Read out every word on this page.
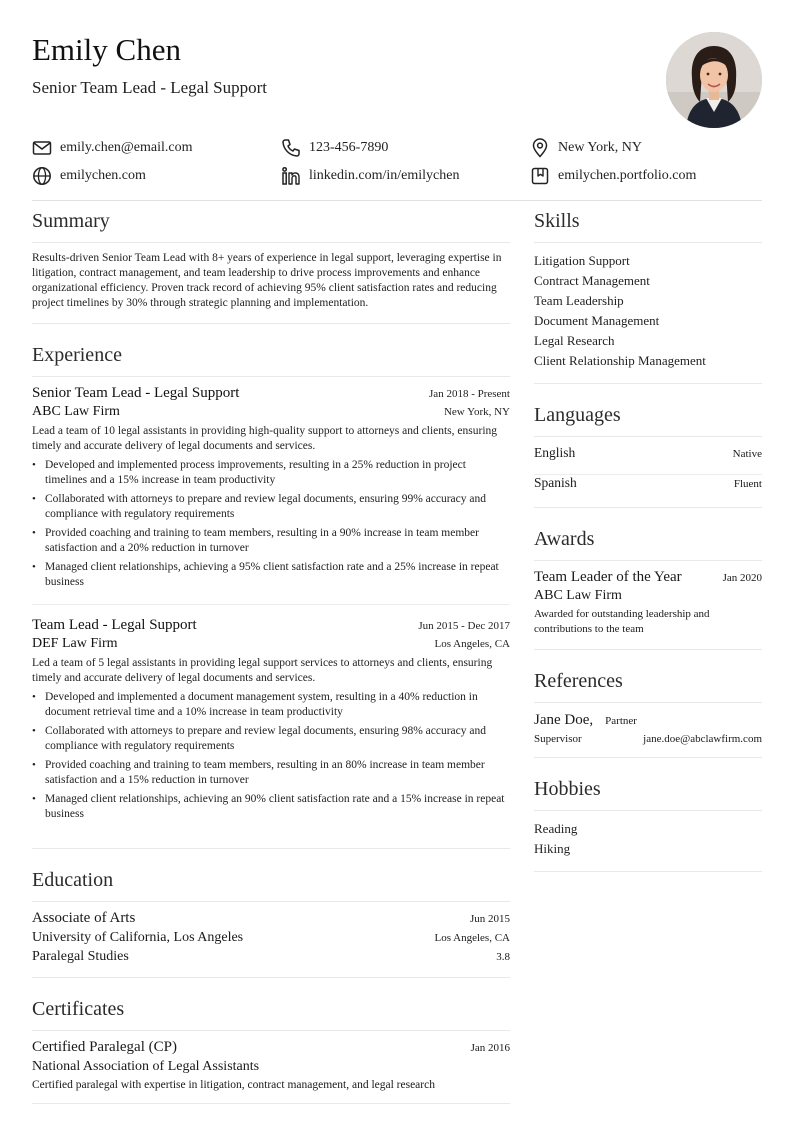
Emily Chen
Senior Team Lead - Legal Support
emily.chen@email.com	123-456-7890	New York, NY
emilychen.com	linkedin.com/in/emilychen	emilychen.portfolio.com
Summary
Results-driven Senior Team Lead with 8+ years of experience in legal support, leveraging expertise in litigation, contract management, and team leadership to drive process improvements and enhance organizational efficiency. Proven track record of achieving 95% client satisfaction rates and reducing project timelines by 30% through strategic planning and implementation.
Experience
Senior Team Lead - Legal Support	Jan 2018 - Present
ABC Law Firm	New York, NY
Lead a team of 10 legal assistants in providing high-quality support to attorneys and clients, ensuring timely and accurate delivery of legal documents and services.
• Developed and implemented process improvements, resulting in a 25% reduction in project timelines and a 15% increase in team productivity
• Collaborated with attorneys to prepare and review legal documents, ensuring 99% accuracy and compliance with regulatory requirements
• Provided coaching and training to team members, resulting in a 90% increase in team member satisfaction and a 20% reduction in turnover
• Managed client relationships, achieving a 95% client satisfaction rate and a 25% increase in repeat business
Team Lead - Legal Support	Jun 2015 - Dec 2017
DEF Law Firm	Los Angeles, CA
Led a team of 5 legal assistants in providing legal support services to attorneys and clients, ensuring timely and accurate delivery of legal documents and services.
• Developed and implemented a document management system, resulting in a 40% reduction in document retrieval time and a 10% increase in team productivity
• Collaborated with attorneys to prepare and review legal documents, ensuring 98% accuracy and compliance with regulatory requirements
• Provided coaching and training to team members, resulting in an 80% increase in team member satisfaction and a 15% reduction in turnover
• Managed client relationships, achieving an 90% client satisfaction rate and a 15% increase in repeat business
Education
Associate of Arts	Jun 2015
University of California, Los Angeles	Los Angeles, CA
Paralegal Studies	3.8
Certificates
Certified Paralegal (CP)	Jan 2016
National Association of Legal Assistants
Certified paralegal with expertise in litigation, contract management, and legal research
Skills
Litigation Support
Contract Management
Team Leadership
Document Management
Legal Research
Client Relationship Management
Languages
English	Native
Spanish	Fluent
Awards
Team Leader of the Year	Jan 2020
ABC Law Firm
Awarded for outstanding leadership and contributions to the team
References
Jane Doe, Partner
Supervisor	jane.doe@abclawfirm.com
Hobbies
Reading
Hiking
